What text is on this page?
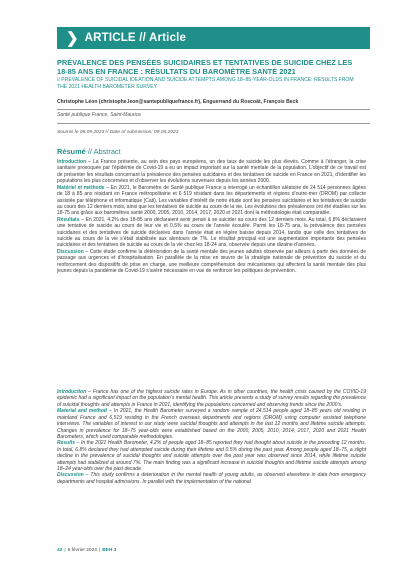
❯ ARTICLE // Article
PRÉVALENCE DES PENSÉES SUICIDAIRES ET TENTATIVES DE SUICIDE CHEZ LES 18-85 ANS EN FRANCE : RÉSULTATS DU BAROMÈTRE SANTÉ 2021
// PREVALENCE OF SUICIDAL IDEATION AND SUICIDE ATTEMPTS AMONG 18–85-YEAR-OLDS IN FRANCE: RESULTS FROM THE 2021 HEALTH BAROMETER SURVEY
Christophe Léon (christophe.leon@santepubliquefrance.fr), Enguerrand du Roscoät, François Beck
Santé publique France, Saint-Maurice
Soumis le 05.09.2023 // Date of submission: 09.05.2023
Résumé // Abstract

Introduction – La France présente, au sein des pays européens, un des taux de suicide les plus élevés. Comme à l’étranger, la crise sanitaire provoquée par l’épidémie de Covid-19 a eu un impact important sur la santé mentale de la population. L’objectif de ce travail est de présenter les résultats concernant la prévalence des pensées suicidaires et des tentatives de suicide en France en 2021, d’identifier les populations les plus concernées et d’observer les évolutions survenues depuis les années 2000.

Matériel et méthode – En 2021, le Baromètre de Santé publique France a interrogé un échantillon aléatoire de 24 514 personnes âgées de 18 à 85 ans résidant en France métropolitaine et 6 519 résidant dans les départements et régions d’outre-mer (DROM) par collecte assistée par téléphone et informatique (Cati). Les variables d’intérêt de notre étude sont les pensées suicidaires et les tentatives de suicide au cours des 12 derniers mois, ainsi que les tentatives de suicide au cours de la vie. Les évolutions des prévalences ont été établies sur les 18-75 ans grâce aux baromètres santé 2000, 2005, 2010, 2014, 2017, 2020 et 2021 dont la méthodologie était comparable.

Résultats – En 2021, 4,2% des 18-85 ans déclaraient avoir pensé à se suicider au cours des 12 derniers mois. Au total, 6,8% déclaraient une tentative de suicide au cours de leur vie et 0,5% au cours de l’année écoulée. Parmi les 18-75 ans, la prévalence des pensées suicidaires et des tentatives de suicide déclarées dans l’année était en légère baisse depuis 2014, tandis que celle des tentatives de suicide au cours de la vie s’était stabilisée aux alentours de 7%. Le résultat principal est une augmentation importante des pensées suicidaires et des tentatives de suicide au cours de la vie chez les 18-24 ans, observée depuis une dizaine d’années.

Discussion – Cette étude confirme la détérioration de la santé mentale des jeunes adultes observée par ailleurs à partir des données de passage aux urgences et d’hospitalisation. En parallèle de la mise en œuvre de la stratégie nationale de prévention du suicide et du renforcement des dispositifs de prise en charge, une meilleure compréhension des mécanismes qui affectent la santé mentale des plus jeunes depuis la pandémie de Covid-19 s’avère nécessaire en vue de renforcer les politiques de prévention.

Introduction – France has one of the highest suicide rates in Europe. As in other countries, the health crisis caused by the COVID-19 epidemic had a significant impact on the population’s mental health. This article presents a study of survey results regarding the prevalence of suicidal thoughts and attempts in France in 2021, identifying the populations concerned and observing trends since the 2000’s.

Material and method – In 2021, the Health Barometer surveyed a random sample of 24,514 people aged 18–85 years old residing in mainland France and 6,519 residing in the French overseas departments and regions (DROM) using computer assisted telephone interviews. The variables of interest in our study were suicidal thoughts and attempts in the last 12 months and lifetime suicide attempts. Changes in prevalence for 18–75 year-olds were established based on the 2000, 2005, 2010, 2014, 2017, 2020 and 2021 Health Barometers, which used comparable methodologies.

Results – In the 2021 Health Barometer, 4.2% of people aged 18–85 reported they had thought about suicide in the preceding 12 months. In total, 6.8% declared they had attempted suicide during their lifetime and 0.5% during the past year. Among people aged 18–75, a slight decline in the prevalence of suicidal thoughts and suicide attempts over the past year was observed since 2014, while lifetime suicide attempts had stabilized at around 7%. The main finding was a significant increase in suicidal thoughts and lifetime suicide attempts among 18–24 year-olds over the past decade.

Discussion – This study confirms a deterioration in the mental health of young adults, as observed elsewhere in data from emergency departments and hospital admissions. In parallel with the implementation of the national

42 | 5 février 2024 | BEH 3
